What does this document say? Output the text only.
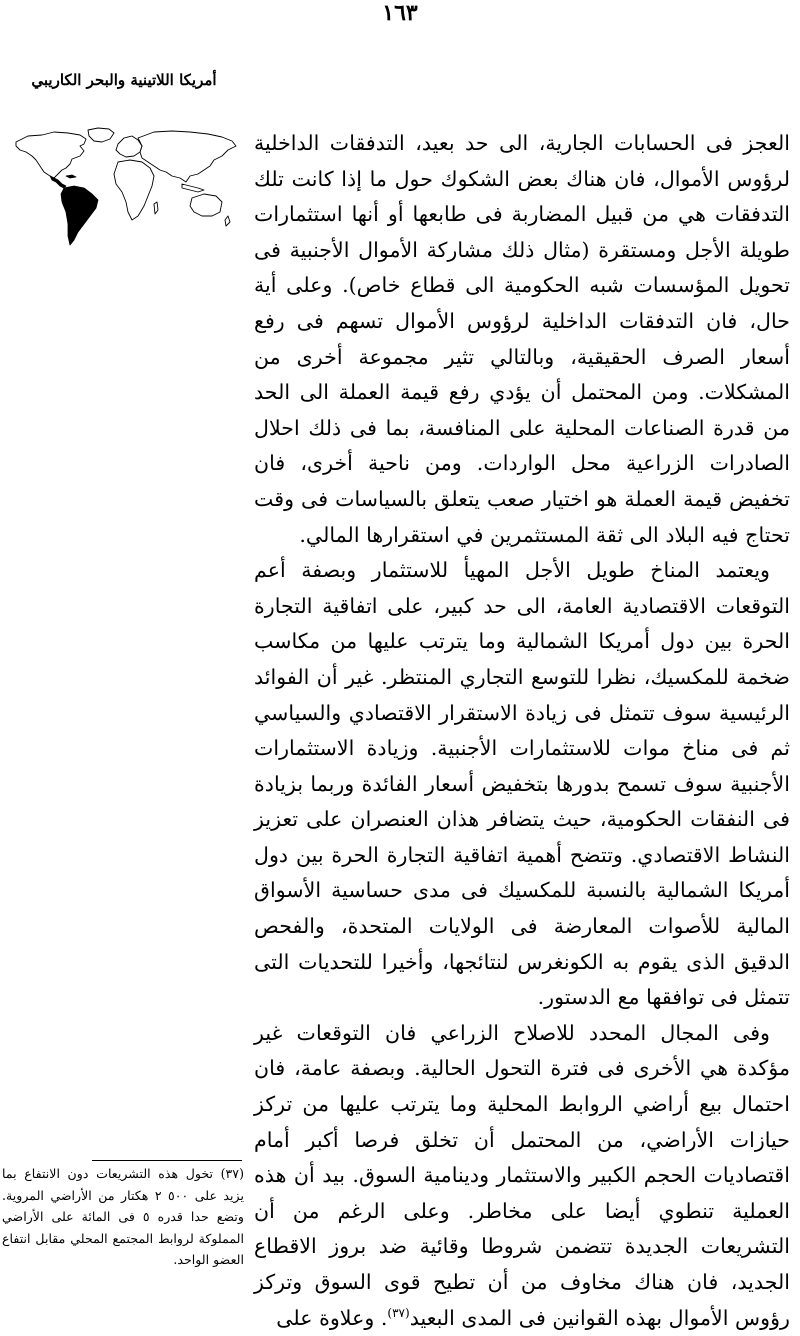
١٦٣
أمريكا اللاتينية والبحر الكاريبي

العجز فى الحسابات الجارية، الى حد بعيد، التدفقات الداخلية لرؤوس الأموال، فان هناك بعض الشكوك حول ما إذا كانت تلك التدفقات هي من قبيل المضاربة فى طابعها أو أنها استثمارات طويلة الأجل ومستقرة (مثال ذلك مشاركة الأموال الأجنبية فى تحويل المؤسسات شبه الحكومية الى قطاع خاص). وعلى أية حال، فان التدفقات الداخلية لرؤوس الأموال تسهم فى رفع أسعار الصرف الحقيقية، وبالتالي تثير مجموعة أخرى من المشكلات. ومن المحتمل أن يؤدي رفع قيمة العملة الى الحد من قدرة الصناعات المحلية على المنافسة، بما فى ذلك احلال الصادرات الزراعية محل الواردات. ومن ناحية أخرى، فان تخفيض قيمة العملة هو اختيار صعب يتعلق بالسياسات فى وقت تحتاج فيه البلاد الى ثقة المستثمرين في استقرارها المالي.

ويعتمد المناخ طويل الأجل المهيأ للاستثمار وبصفة أعم التوقعات الاقتصادية العامة، الى حد كبير، على اتفاقية التجارة الحرة بين دول أمريكا الشمالية وما يترتب عليها من مكاسب ضخمة للمكسيك، نظرا للتوسع التجاري المنتظر. غير أن الفوائد الرئيسية سوف تتمثل فى زيادة الاستقرار الاقتصادي والسياسي ثم فى مناخ موات للاستثمارات الأجنبية. وزيادة الاستثمارات الأجنبية سوف تسمح بدورها بتخفيض أسعار الفائدة وربما بزيادة فى النفقات الحكومية، حيث يتضافر هذان العنصران على تعزيز النشاط الاقتصادي. وتتضح أهمية اتفاقية التجارة الحرة بين دول أمريكا الشمالية بالنسبة للمكسيك فى مدى حساسية الأسواق المالية للأصوات المعارضة فى الولايات المتحدة، والفحص الدقيق الذى يقوم به الكونغرس لنتائجها، وأخيرا للتحديات التى تتمثل فى توافقها مع الدستور.

وفى المجال المحدد للاصلاح الزراعي فان التوقعات غير مؤكدة هي الأخرى فى فترة التحول الحالية. وبصفة عامة، فان احتمال بيع أراضي الروابط المحلية وما يترتب عليها من تركز حيازات الأراضي، من المحتمل أن تخلق فرصا أكبر أمام اقتصاديات الحجم الكبير والاستثمار ودينامية السوق. بيد أن هذه العملية تنطوي أيضا على مخاطر. وعلى الرغم من أن التشريعات الجديدة تتضمن شروطا وقائية ضد بروز الاقطاع الجديد، فان هناك مخاوف من أن تطيح قوى السوق وتركز رؤوس الأموال بهذه القوانين فى المدى البعيد$^{(٣٧)}$. وعلاوة على

(٣٧) تخول هذه التشريعات دون الانتفاع بما يزيد على ٥٠٠ ٢ هكتار من الأراضي المروية. وتضع حدا قدره ٥ فى المائة على الأراضي المملوكة لروابط المجتمع المحلي مقابل انتفاع العضو الواحد.
